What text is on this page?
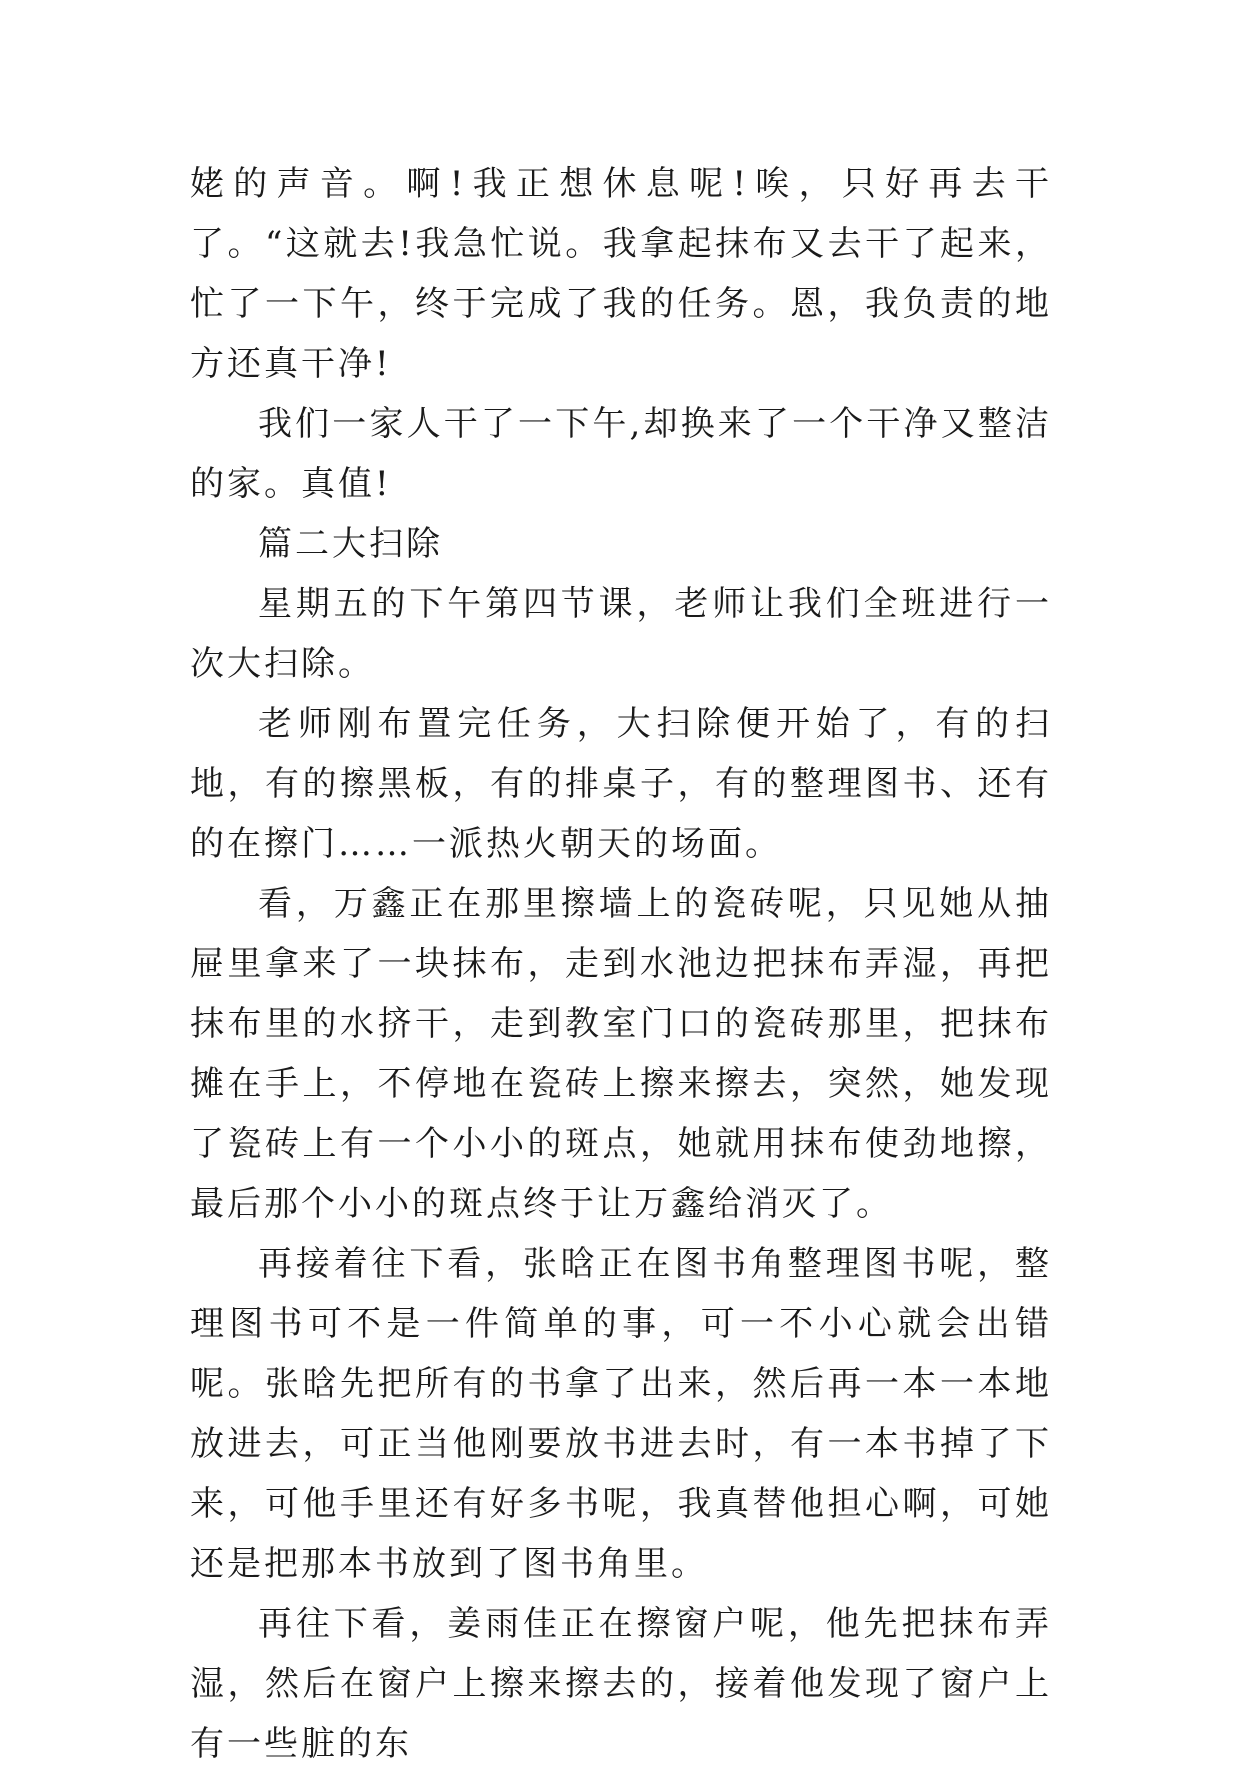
姥的声音。啊!我正想休息呢!唉，只好再去干了。“这就去!我急忙说。我拿起抹布又去干了起来，忙了一下午，终于完成了我的任务。恩，我负责的地方还真干净!

我们一家人干了一下午,却换来了一个干净又整洁的家。真值!

篇二大扫除

星期五的下午第四节课，老师让我们全班进行一次大扫除。

老师刚布置完任务，大扫除便开始了，有的扫地，有的擦黑板，有的排桌子，有的整理图书、还有的在擦门……一派热火朝天的场面。

看，万鑫正在那里擦墙上的瓷砖呢，只见她从抽屉里拿来了一块抹布，走到水池边把抹布弄湿，再把抹布里的水挤干，走到教室门口的瓷砖那里，把抹布摊在手上，不停地在瓷砖上擦来擦去，突然，她发现了瓷砖上有一个小小的斑点，她就用抹布使劲地擦，最后那个小小的斑点终于让万鑫给消灭了。

再接着往下看，张晗正在图书角整理图书呢，整理图书可不是一件简单的事，可一不小心就会出错呢。张晗先把所有的书拿了出来，然后再一本一本地放进去，可正当他刚要放书进去时，有一本书掉了下来，可他手里还有好多书呢，我真替他担心啊，可她还是把那本书放到了图书角里。

再往下看，姜雨佳正在擦窗户呢，他先把抹布弄湿，然后在窗户上擦来擦去的，接着他发现了窗户上有一些脏的东
